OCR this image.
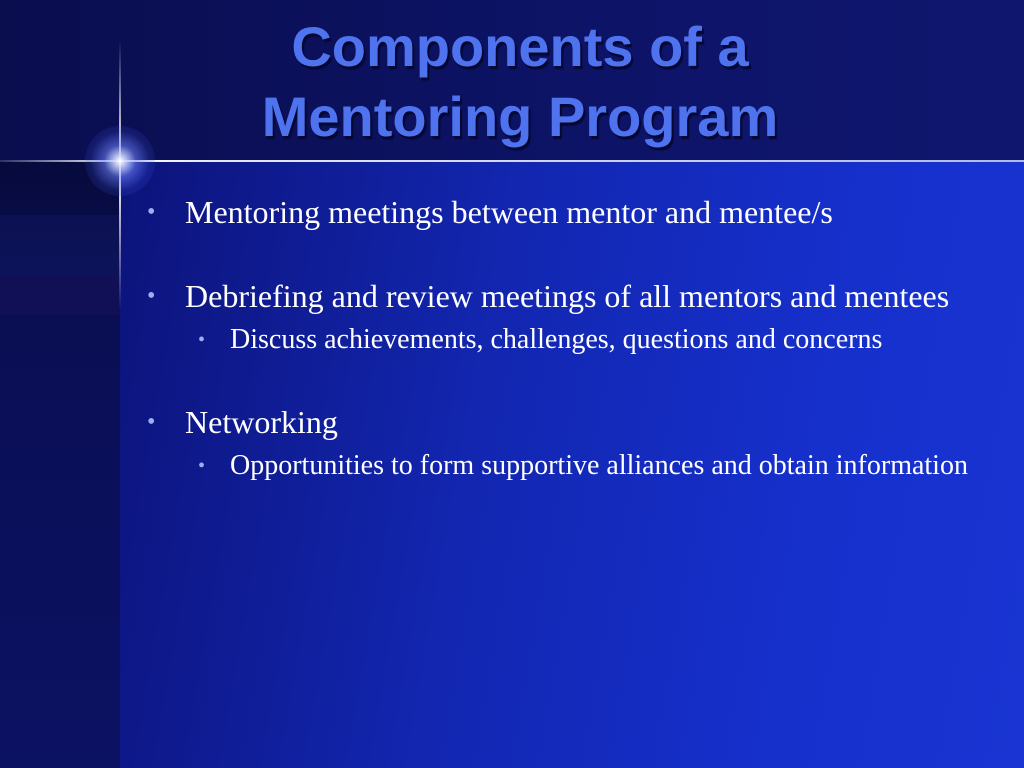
Components of a
Mentoring Program
• Mentoring meetings between mentor and mentee/s
• Debriefing and review meetings of all mentors and mentees
• Discuss achievements, challenges, questions and concerns
• Networking
• Opportunities to form supportive alliances and obtain information
